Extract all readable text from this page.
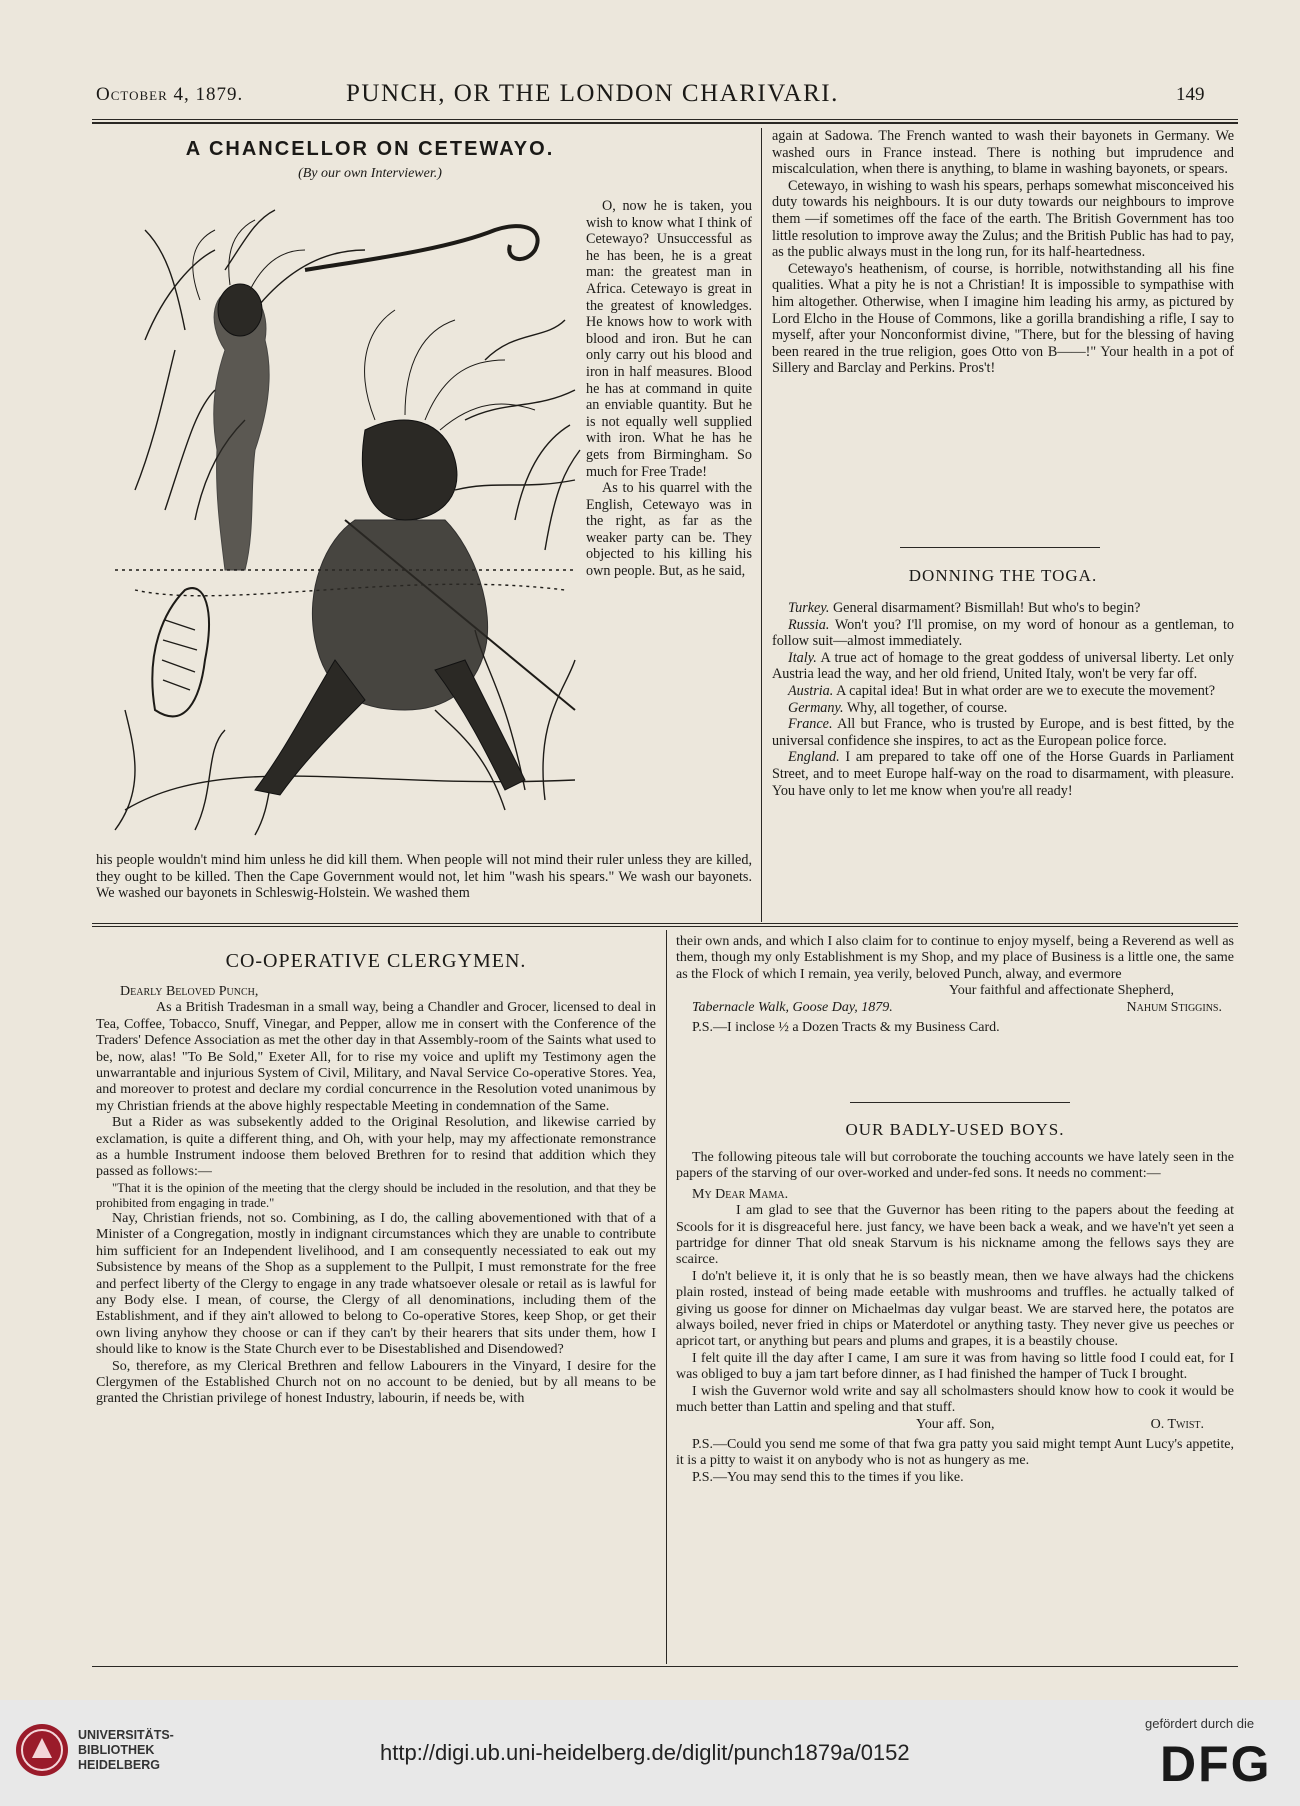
October 4, 1879.	PUNCH, OR THE LONDON CHARIVARI.	149
A CHANCELLOR ON CETEWAYO.
(By our own Interviewer.)

O, now he is taken, you wish to know what I think of Cetewayo? Unsuccessful as he has been, he is a great man: the greatest man in Africa. Cetewayo is great in the greatest of knowledges. He knows how to work with blood and iron. But he can only carry out his blood and iron in half measures. Blood he has at command in quite an enviable quantity. But he is not equally well supplied with iron. What he has he gets from Birmingham. So much for Free Trade!

As to his quarrel with the English, Cetewayo was in the right, as far as the weaker party can be. They objected to his killing his own people. But, as he said,

his people wouldn't mind him unless he did kill them. When people will not mind their ruler unless they are killed, they ought to be killed. Then the Cape Government would not, let him "wash his spears." We wash our bayonets. We washed our bayonets in Schleswig-Holstein. We washed them

again at Sadowa. The French wanted to wash their bayonets in Germany. We washed ours in France instead. There is nothing but imprudence and miscalculation, when there is anything, to blame in washing bayonets, or spears.

Cetewayo, in wishing to wash his spears, perhaps somewhat misconceived his duty towards his neighbours. It is our duty towards our neighbours to improve them —if sometimes off the face of the earth. The British Government has too little resolution to improve away the Zulus; and the British Public has had to pay, as the public always must in the long run, for its half-heartedness.

Cetewayo's heathenism, of course, is horrible, notwithstanding all his fine qualities. What a pity he is not a Christian! It is impossible to sympathise with him altogether. Otherwise, when I imagine him leading his army, as pictured by Lord Elcho in the House of Commons, like a gorilla brandishing a rifle, I say to myself, after your Nonconformist divine, "There, but for the blessing of having been reared in the true religion, goes Otto von B——!" Your health in a pot of Sillery and Barclay and Perkins. Pros't!

DONNING THE TOGA.

Turkey. General disarmament? Bismillah! But who's to begin?

Russia. Won't you? I'll promise, on my word of honour as a gentleman, to follow suit—almost immediately.

Italy. A true act of homage to the great goddess of universal liberty. Let only Austria lead the way, and her old friend, United Italy, won't be very far off.

Austria. A capital idea! But in what order are we to execute the movement?

Germany. Why, all together, of course.

France. All but France, who is trusted by Europe, and is best fitted, by the universal confidence she inspires, to act as the European police force.

England. I am prepared to take off one of the Horse Guards in Parliament Street, and to meet Europe half-way on the road to disarmament, with pleasure. You have only to let me know when you're all ready!

CO-OPERATIVE CLERGYMEN.

Dearly Beloved Punch,

As a British Tradesman in a small way, being a Chandler and Grocer, licensed to deal in Tea, Coffee, Tobacco, Snuff, Vinegar, and Pepper, allow me in consert with the Conference of the Traders' Defence Association as met the other day in that Assembly-room of the Saints what used to be, now, alas! "To Be Sold," Exeter All, for to rise my voice and uplift my Testimony agen the unwarrantable and injurious System of Civil, Military, and Naval Service Co-operative Stores. Yea, and moreover to protest and declare my cordial concurrence in the Resolution voted unanimous by my Christian friends at the above highly respectable Meeting in condemnation of the Same.

But a Rider as was subsekently added to the Original Resolution, and likewise carried by exclamation, is quite a different thing, and Oh, with your help, may my affectionate remonstrance as a humble Instrument indoose them beloved Brethren for to resind that addition which they passed as follows:—

"That it is the opinion of the meeting that the clergy should be included in the resolution, and that they be prohibited from engaging in trade."

Nay, Christian friends, not so. Combining, as I do, the calling abovementioned with that of a Minister of a Congregation, mostly in indignant circumstances which they are unable to contribute him sufficient for an Independent livelihood, and I am consequently necessiated to eak out my Subsistence by means of the Shop as a supplement to the Pullpit, I must remonstrate for the free and perfect liberty of the Clergy to engage in any trade whatsoever olesale or retail as is lawful for any Body else. I mean, of course, the Clergy of all denominations, including them of the Establishment, and if they ain't allowed to belong to Co-operative Stores, keep Shop, or get their own living anyhow they choose or can if they can't by their hearers that sits under them, how I should like to know is the State Church ever to be Disestablished and Disendowed?

So, therefore, as my Clerical Brethren and fellow Labourers in the Vinyard, I desire for the Clergymen of the Established Church not on no account to be denied, but by all means to be granted the Christian privilege of honest Industry, labourin, if needs be, with

their own ands, and which I also claim for to continue to enjoy myself, being a Reverend as well as them, though my only Establishment is my Shop, and my place of Business is a little one, the same as the Flock of which I remain, yea verily, beloved Punch, alway, and evermore

Your faithful and affectionate Shepherd,

Tabernacle Walk, Goose Day, 1879.	Nahum Stiggins.

P.S.—I inclose ½ a Dozen Tracts & my Business Card.

OUR BADLY-USED BOYS.

The following piteous tale will but corroborate the touching accounts we have lately seen in the papers of the starving of our over-worked and under-fed sons. It needs no comment:—

My Dear Mama.

I am glad to see that the Guvernor has been riting to the papers about the feeding at Scools for it is disgreaceful here. just fancy, we have been back a weak, and we have'n't yet seen a partridge for dinner That old sneak Starvum is his nickname among the fellows says they are scairce.

I do'n't believe it, it is only that he is so beastly mean, then we have always had the chickens plain rosted, instead of being made eetable with mushrooms and truffles. he actually talked of giving us goose for dinner on Michaelmas day vulgar beast. We are starved here, the potatos are always boiled, never fried in chips or Materdotel or anything tasty. They never give us peeches or apricot tart, or anything but pears and plums and grapes, it is a beastily chouse.

I felt quite ill the day after I came, I am sure it was from having so little food I could eat, for I was obliged to buy a jam tart before dinner, as I had finished the hamper of Tuck I brought.

I wish the Guvernor wold write and say all scholmasters should know how to cook it would be much better than Lattin and speling and that stuff.

Your aff. Son,	O. Twist.

P.S.—Could you send me some of that fwa gra patty you said might tempt Aunt Lucy's appetite, it is a pitty to waist it on anybody who is not as hungery as me.

P.S.—You may send this to the times if you like.

UNIVERSITÄTS-
BIBLIOTHEK
HEIDELBERG	http://digi.ub.uni-heidelberg.de/diglit/punch1879a/0152
gefördert durch die
DFG
